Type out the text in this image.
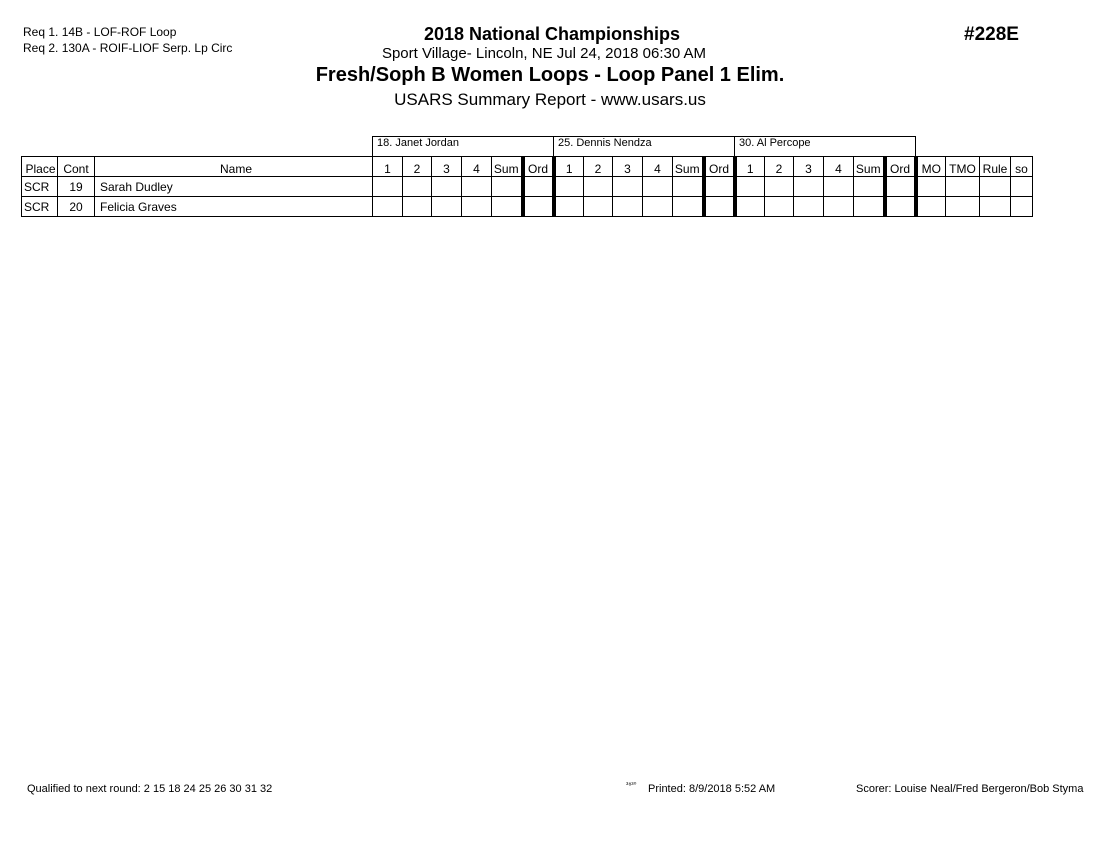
Req 1. 14B - LOF-ROF Loop
Req 2. 130A - ROIF-LIOF Serp. Lp Circ
2018 National Championships
Sport Village- Lincoln, NE Jul 24, 2018 06:30 AM
Fresh/Soph B Women Loops - Loop Panel 1 Elim.
USARS Summary Report - www.usars.us
#228E
			18. Janet Jordan						25. Dennis Nendza						30. Al Percope									
Place	Cont	Name	1	2	3	4	Sum	Ord	1	2	3	4	Sum	Ord	1	2	3	4	Sum	Ord	MO	TMO	Rule	so
SCR	19	Sarah Dudley																						
SCR	20	Felicia Graves																						
Qualified to next round: 2 15 18 24 25 26 30 31 32	³⁸³⁰ Printed: 8/9/2018 5:52 AM	Scorer: Louise Neal/Fred Bergeron/Bob Styma
